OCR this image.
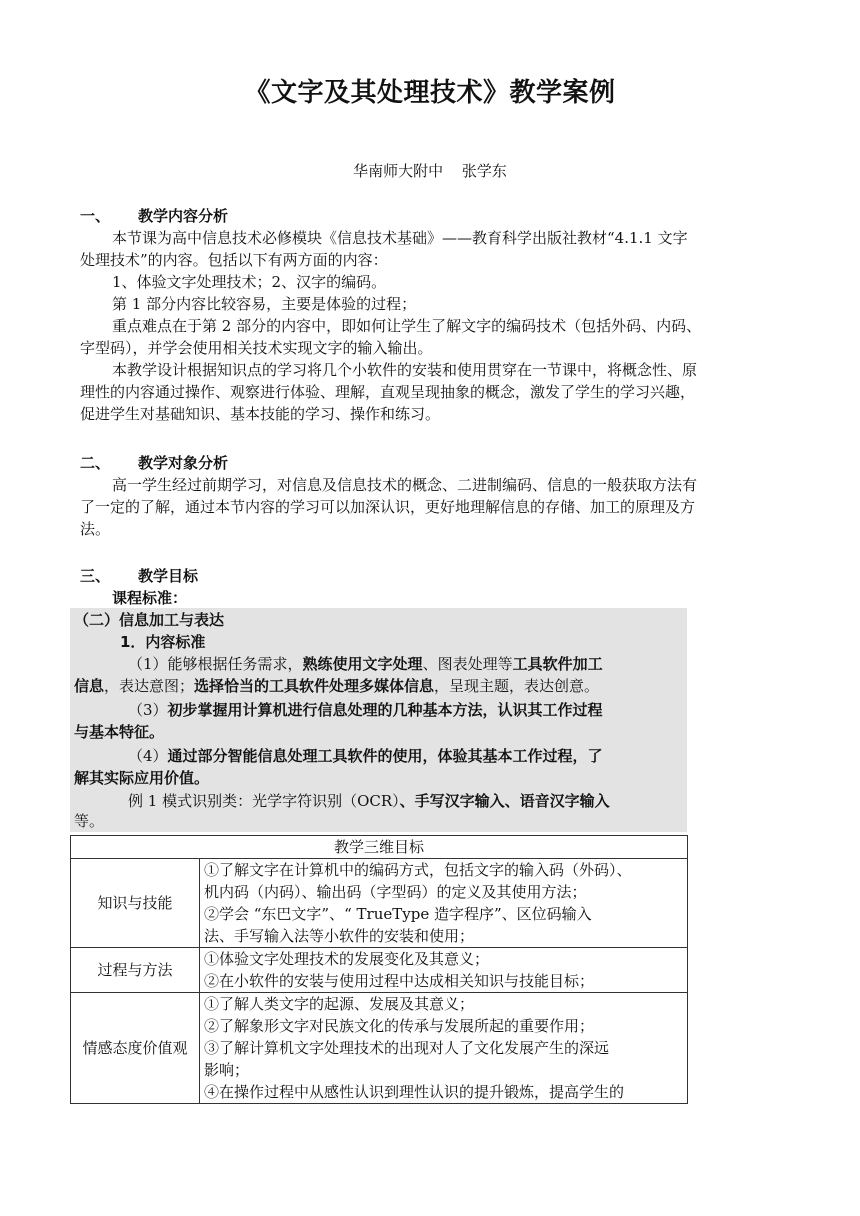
《文字及其处理技术》教学案例
华南师大附中 张学东
一、 教学内容分析
本节课为高中信息技术必修模块《信息技术基础》——教育科学出版社教材“4.1.1 文字
处理技术”的内容。包括以下有两方面的内容：
1、体验文字处理技术；2、汉字的编码。
第 1 部分内容比较容易，主要是体验的过程；
重点难点在于第 2 部分的内容中，即如何让学生了解文字的编码技术（包括外码、内码、
字型码），并学会使用相关技术实现文字的输入输出。
本教学设计根据知识点的学习将几个小软件的安装和使用贯穿在一节课中，将概念性、原
理性的内容通过操作、观察进行体验、理解，直观呈现抽象的概念，激发了学生的学习兴趣，
促进学生对基础知识、基本技能的学习、操作和练习。
二、 教学对象分析
高一学生经过前期学习，对信息及信息技术的概念、二进制编码、信息的一般获取方法有
了一定的了解，通过本节内容的学习可以加深认识，更好地理解信息的存储、加工的原理及方
法。
三、 教学目标
课程标准：
（二）信息加工与表达
1．内容标准
（1）能够根据任务需求，熟练使用文字处理、图表处理等工具软件加工
信息，表达意图；选择恰当的工具软件处理多媒体信息，呈现主题，表达创意。
（3）初步掌握用计算机进行信息处理的几种基本方法，认识其工作过程
与基本特征。
（4）通过部分智能信息处理工具软件的使用，体验其基本工作过程，了
解其实际应用价值。
例 1 模式识别类：光学字符识别（OCR）、手写汉字输入、语音汉字输入
等。
教学三维目标	
知识与技能	①了解文字在计算机中的编码方式，包括文字的输入码（外码）、
机内码（内码）、输出码（字型码）的定义及其使用方法；
②学会 “东巴文字”、“ TrueType 造字程序”、区位码输入
法、手写输入法等小软件的安装和使用；

过程与方法	①体验文字处理技术的发展变化及其意义；
②在小软件的安装与使用过程中达成相关知识与技能目标；

情感态度价值观	①了解人类文字的起源、发展及其意义；
②了解象形文字对民族文化的传承与发展所起的重要作用；
③了解计算机文字处理技术的出现对人了文化发展产生的深远
影响；
④在操作过程中从感性认识到理性认识的提升锻炼，提高学生的
